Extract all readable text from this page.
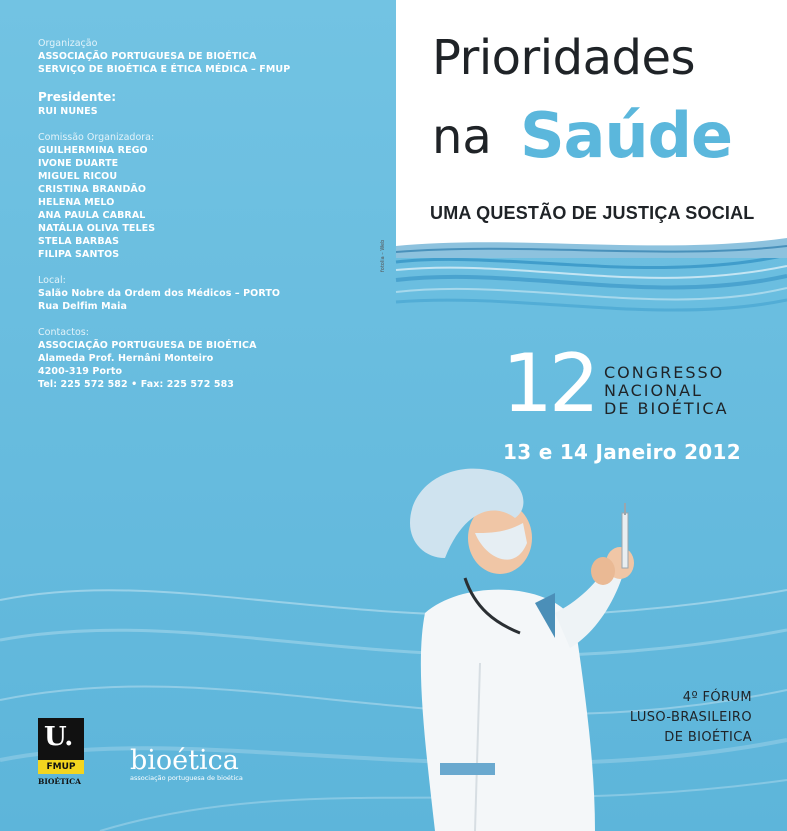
Prioridades
na Saúde
UMA QUESTÃO DE JUSTIÇA SOCIAL
fotolia – Web
Organização
ASSOCIAÇÃO PORTUGUESA DE BIOÉTICA
SERVIÇO DE BIOÉTICA E ÉTICA MÉDICA – FMUP
Presidente:
RUI NUNES
Comissão Organizadora:
GUILHERMINA REGO
IVONE DUARTE
MIGUEL RICOU
CRISTINA BRANDÃO
HELENA MELO
ANA PAULA CABRAL
NATÁLIA OLIVA TELES
STELA BARBAS
FILIPA SANTOS
Local:
Salão Nobre da Ordem dos Médicos – PORTO
Rua Delfim Maia
Contactos:
ASSOCIAÇÃO PORTUGUESA DE BIOÉTICA
Alameda Prof. Hernâni Monteiro
4200-319 Porto
Tel: 225 572 582 • Fax: 225 572 583	12 CONGRESSO
NACIONAL
DE BIOÉTICA
13 e 14 Janeiro 2012
4º FÓRUM
LUSO-BRASILEIRO
DE BIOÉTICA
U.
FMUP
BIOÉTICA
bioética
associação portuguesa de bioética
